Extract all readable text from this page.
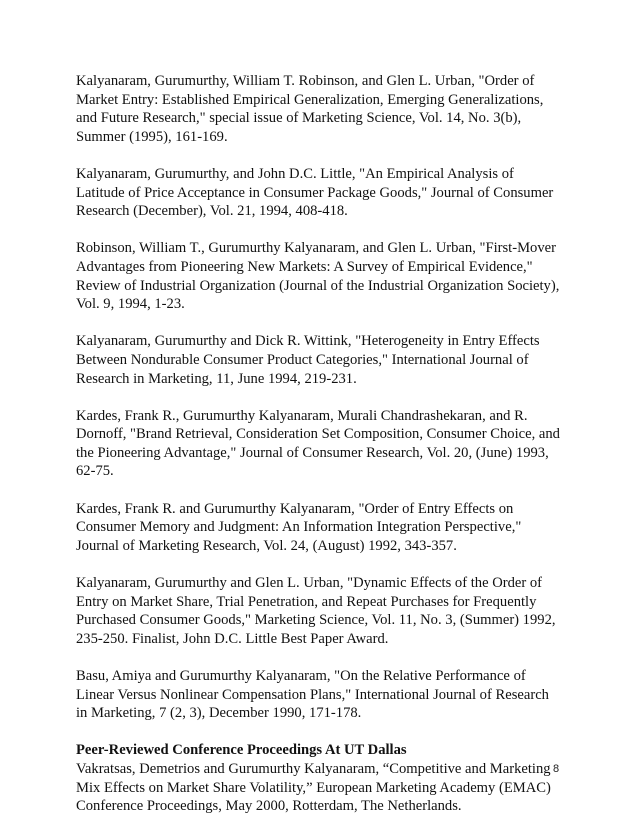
Kalyanaram, Gurumurthy, William T. Robinson, and Glen L. Urban, "Order of
Market Entry: Established Empirical Generalization, Emerging Generalizations,
and Future Research," special issue of Marketing Science, Vol. 14, No. 3(b),
Summer (1995), 161-169.
Kalyanaram, Gurumurthy, and John D.C. Little, "An Empirical Analysis of
Latitude of Price Acceptance in Consumer Package Goods," Journal of Consumer
Research (December), Vol. 21, 1994, 408-418.
Robinson, William T., Gurumurthy Kalyanaram, and Glen L. Urban, "First-Mover
Advantages from Pioneering New Markets: A Survey of Empirical Evidence,"
Review of Industrial Organization (Journal of the Industrial Organization Society),
Vol. 9, 1994, 1-23.
Kalyanaram, Gurumurthy and Dick R. Wittink, "Heterogeneity in Entry Effects
Between Nondurable Consumer Product Categories," International Journal of
Research in Marketing, 11, June 1994, 219-231.
Kardes, Frank R., Gurumurthy Kalyanaram, Murali Chandrashekaran, and R.
Dornoff, "Brand Retrieval, Consideration Set Composition, Consumer Choice, and
the Pioneering Advantage," Journal of Consumer Research, Vol. 20, (June) 1993,
62-75.
Kardes, Frank R. and Gurumurthy Kalyanaram, "Order of Entry Effects on
Consumer Memory and Judgment: An Information Integration Perspective,"
Journal of Marketing Research, Vol. 24, (August) 1992, 343-357.
Kalyanaram, Gurumurthy and Glen L. Urban, "Dynamic Effects of the Order of
Entry on Market Share, Trial Penetration, and Repeat Purchases for Frequently
Purchased Consumer Goods," Marketing Science, Vol. 11, No. 3, (Summer) 1992,
235-250. Finalist, John D.C. Little Best Paper Award.
Basu, Amiya and Gurumurthy Kalyanaram, "On the Relative Performance of
Linear Versus Nonlinear Compensation Plans," International Journal of Research
in Marketing, 7 (2, 3), December 1990, 171-178.
Peer-Reviewed Conference Proceedings At UT Dallas
Vakratsas, Demetrios and Gurumurthy Kalyanaram, “Competitive and Marketing
Mix Effects on Market Share Volatility,” European Marketing Academy (EMAC)
Conference Proceedings, May 2000, Rotterdam, The Netherlands.
8
